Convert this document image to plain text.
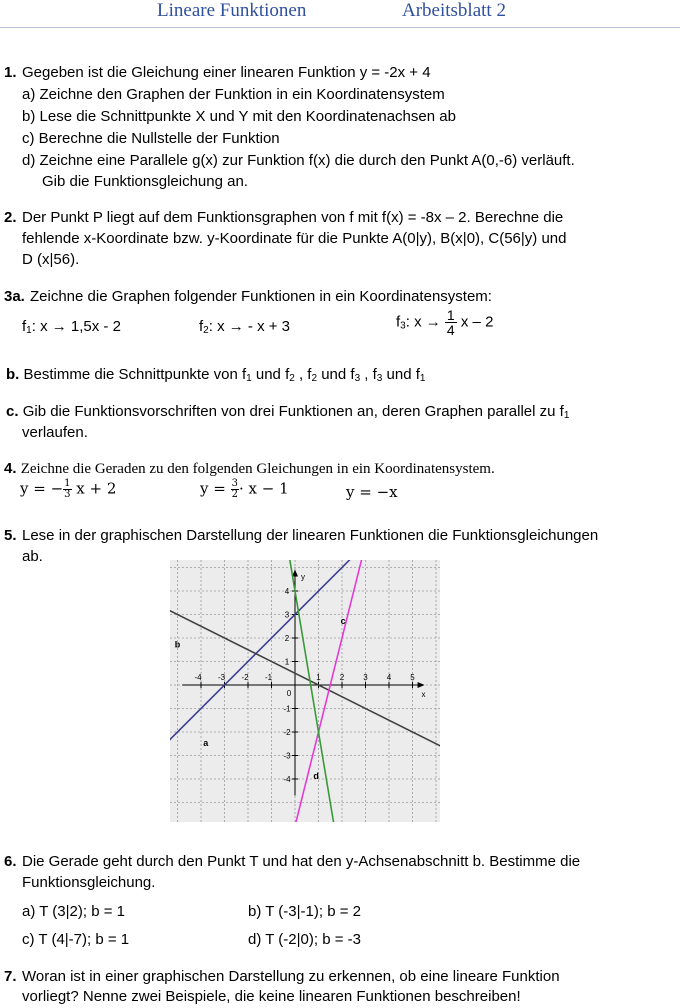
Lineare Funktionen	Arbeitsblatt 2
1. Gegeben ist die Gleichung einer linearen Funktion y = -2x + 4
a) Zeichne den Graphen der Funktion in ein Koordinatensystem
b) Lese die Schnittpunkte X und Y mit den Koordinatenachsen ab
c) Berechne die Nullstelle der Funktion
d) Zeichne eine Parallele g(x) zur Funktion f(x) die durch den Punkt A(0,-6) verläuft.
Gib die Funktionsgleichung an.
2. Der Punkt P liegt auf dem Funktionsgraphen von f mit f(x) = -8x – 2. Berechne die
fehlende x-Koordinate bzw. y-Koordinate für die Punkte A(0|y), B(x|0), C(56|y) und
D (x|56).
3a. Zeichne die Graphen folgender Funktionen in ein Koordinatensystem:
$f_1$: x → 1,5x - 2	$f_2$: x → - x + 3	$f_3$: $x \to \frac{1}{4}$ x – 2
b. Bestimme die Schnittpunkte von $f_1$ und $f_2$ , $f_2$ und $f_3$ , $f_3$ und $f_1$
c. Gib die Funktionsvorschriften von drei Funktionen an, deren Graphen parallel zu $f_1$
verlaufen.
4. Zeichne die Geraden zu den folgenden Gleichungen in ein Koordinatensystem.
y = − $\frac{1}{3}$ x + 2	$y = \frac{3}{2} \cdot x - 1$	y = −x
5. Lese in der graphischen Darstellung der linearen Funktionen die Funktionsgleichungen
ab.
-4 -3 -2 -1	1 2 3 4 5
4
3
2
1
-1
-2
-3
-4
0	x
y
a
b
c
d
6. Die Gerade geht durch den Punkt T und hat den y-Achsenabschnitt b. Bestimme die
Funktionsgleichung.
a) T (3|2); b = 1	b) T (-3|-1); b = 2
c) T (4|-7); b = 1	d) T (-2|0); b = -3
7. Woran ist in einer graphischen Darstellung zu erkennen, ob eine lineare Funktion
vorliegt? Nenne zwei Beispiele, die keine linearen Funktionen beschreiben!
